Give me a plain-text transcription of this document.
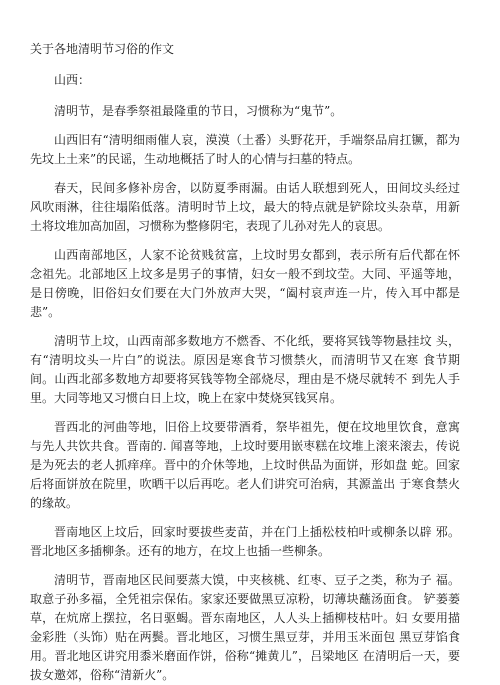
关于各地清明节习俗的作文

山西：

清明节，是春季祭祖最隆重的节日，习惯称为“鬼节”。

山西旧有“清明细雨催人哀，漠漠（土番）头野花开，手端祭品肩扛镢，都为先坟上土来”的民谣，生动地概括了时人的心情与扫墓的特点。

春天，民间多修补房舍，以防夏季雨漏。由话人联想到死人，田间坟头经过风吹雨淋，往往塌陷低落。清明时节上坟，最大的特点就是铲除坟头杂草，用新土将坟堆加高加固，习惯称为整修阴宅，表现了儿孙对先人的哀思。

山西南部地区，人家不论贫贱贫富，上坟时男女都到，表示所有后代都在怀念祖先。北部地区上坟多是男子的事情，妇女一般不到坟茔。大同、平遥等地，是日傍晚，旧俗妇女们要在大门外放声大哭，“阖村哀声连一片，传入耳中都是悲”。

清明节上坟，山西南部多数地方不燃香、不化纸，要将冥钱等物悬挂坟 头，有“清明坟头一片白”的说法。原因是寒食节习惯禁火，而清明节又在寒 食节期间。山西北部多数地方却要将冥钱等物全部烧尽，理由是不烧尽就转不 到先人手里。大同等地又习惯白日上坟，晚上在家中焚烧冥钱冥帛。

晋西北的河曲等地，旧俗上坟要带酒肴，祭毕祖先，便在坟地里饮食，意寓与先人共饮共食。晋南的. 闻喜等地，上坟时要用嵌枣糕在坟堆上滚来滚去，传说是为死去的老人抓痒痒。晋中的介休等地，上坟时供品为面饼，形如盘 蛇。回家后将面饼放在院里，吹晒干以后再吃。老人们讲究可治病，其源盖出 于寒食禁火的缘故。

晋南地区上坟后，回家时要拔些麦苗，并在门上插松枝柏叶或柳条以辟 邪。晋北地区多插柳条。还有的地方，在坟上也插一些柳条。

清明节，晋南地区民间要蒸大馍，中夹核桃、红枣、豆子之类，称为子 福。取意子孙多福，全凭祖宗保佑。家家还要做黑豆凉粉，切薄块蘸汤面食。 铲蒌蒌草，在炕席上摆拉，名日驱蝎。晋东南地区，人人头上插柳枝枯叶。妇 女要用描金彩胜（头饰）贴在两鬓。晋北地区，习惯生黑豆芽，并用玉米面包 黑豆芽馅食用。晋北地区讲究用黍米磨面作饼，俗称“摊黄儿”，吕梁地区 在清明后一天，要拔女邀郊，俗称“清新火”。
